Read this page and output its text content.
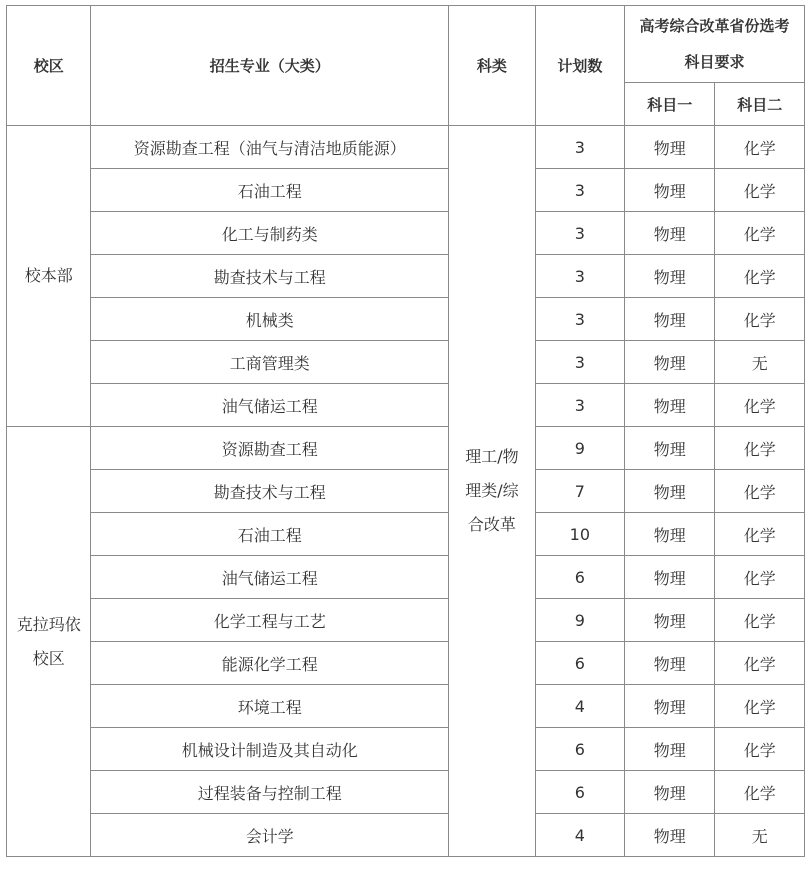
校区	招生专业（大类）	科类	计划数	高考综合改革省份选考
科目要求	

				科目一	科目二

校本部	资源勘查工程（油气与清洁地质能源）	理工/物
理类/综
合改革	3	物理	化学
	石油工程		3	物理	化学
	化工与制药类		3	物理	化学
	勘查技术与工程		3	物理	化学
	机械类		3	物理	化学
	工商管理类		3	物理	无
	油气储运工程		3	物理	化学

克拉玛依
校区	资源勘查工程		9	物理	化学
	勘查技术与工程		7	物理	化学
	石油工程		10	物理	化学
	油气储运工程		6	物理	化学
	化学工程与工艺		9	物理	化学
	能源化学工程		6	物理	化学
	环境工程		4	物理	化学
	机械设计制造及其自动化		6	物理	化学
	过程装备与控制工程		6	物理	化学
	会计学		4	物理	无
